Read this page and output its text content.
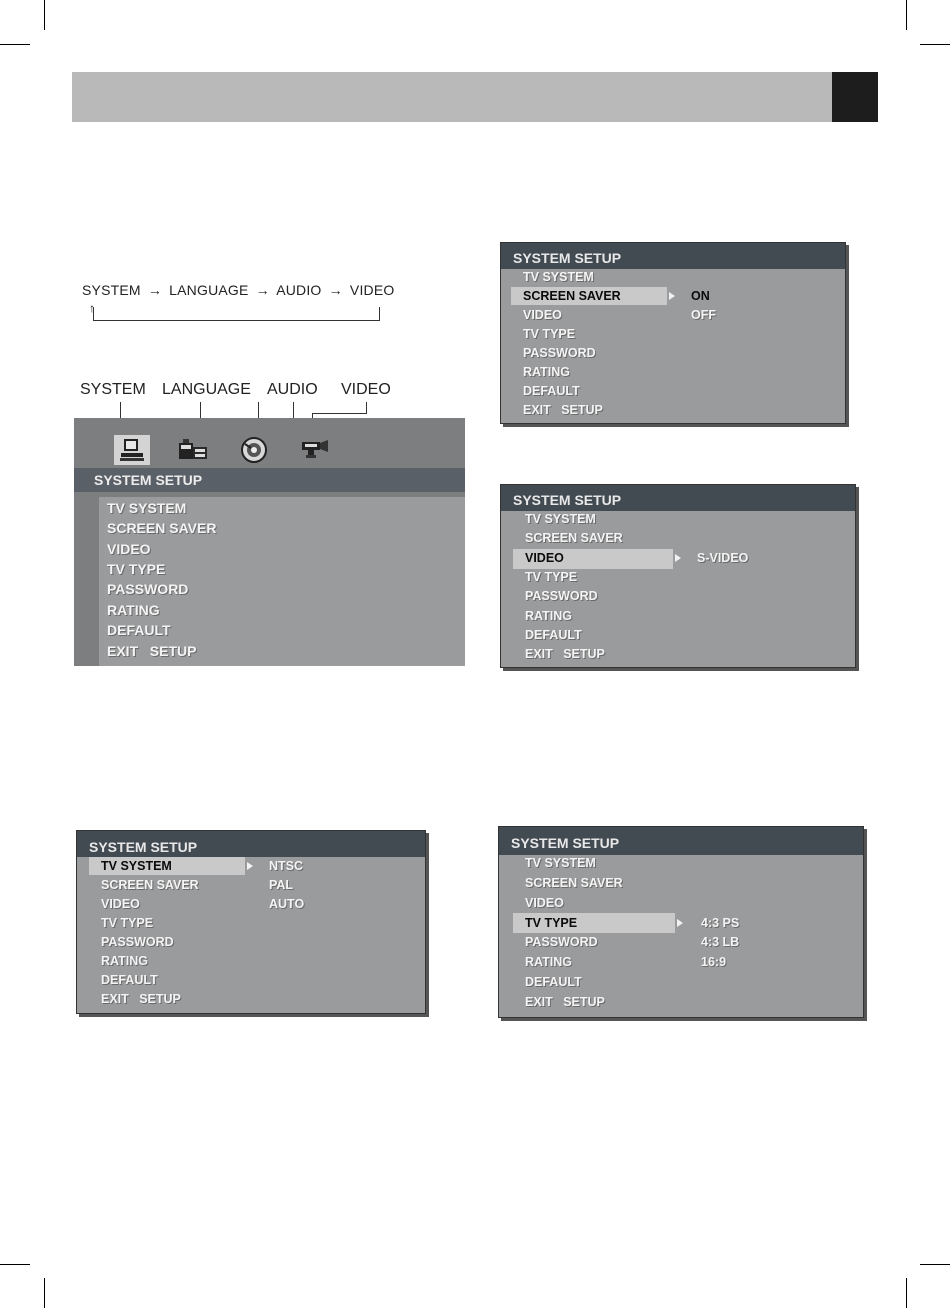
SYSTEM → LANGUAGE → AUDIO → VIDEO
↑
SYSTEM LANGUAGE AUDIO VIDEO
SYSTEM SETUP
TV SYSTEM
SCREEN SAVER
VIDEO
TV TYPE
PASSWORD
RATING
DEFAULT
EXIT   SETUP
SYSTEM SETUP
TV SYSTEM
SCREEN SAVER
VIDEO
TV TYPE
PASSWORD
RATING
DEFAULT
EXIT   SETUP
ON
OFF
SYSTEM SETUP
TV SYSTEM
SCREEN SAVER
VIDEO
TV TYPE
PASSWORD
RATING
DEFAULT
EXIT   SETUP
S-VIDEO
SYSTEM SETUP
TV SYSTEM
SCREEN SAVER
VIDEO
TV TYPE
PASSWORD
RATING
DEFAULT
EXIT   SETUP
NTSC
PAL
AUTO
SYSTEM SETUP
TV SYSTEM
SCREEN SAVER
VIDEO
TV TYPE
PASSWORD
RATING
DEFAULT
EXIT   SETUP
4:3 PS
4:3 LB
16:9
